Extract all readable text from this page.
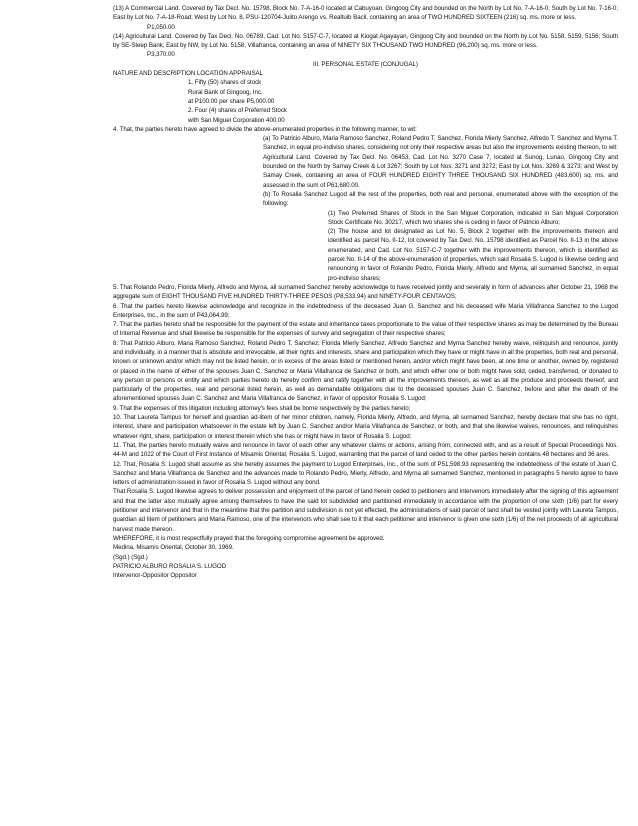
(13) A Commercial Land. Covered by Tax Decl. No. 15798, Block No. 7-A-16-0 located at Cabuyoan, Gingoog City and bounded on the North by Lot No. 7-A-16-0; South by Lot No. 7-16-0; East by Lot No. 7-A-18-Road; West by Lot No. 8, PSU-120704-Julito Arengo vs. Realtuib Bacil, containing an area of TWO HUNDRED SIXTEEN (216) sq. ms. more or less.

P1,050.00

(14) Agricultural Land. Covered by Tax Decl. No. 06789, Cad. Lot No. 5157-C-7, located at Kiogat Agayayan, Gingoog City and bounded on the North by Lot No. 5158, 5159, 5156; South by SE-Steep Bank; East by NW, by Lot No. 5158, Villafranca, containing an area of NINETY SIX THOUSAND TWO HUNDRED (96,200) sq. ms. more or less.

P3,370.00

III. PERSONAL ESTATE (CONJUGAL)

NATURE AND DESCRIPTION LOCATION APPRAISAL

1. Fifty (50) shares of stock

Rural Bank of Gingoog, Inc.

at P100.00 per share P5,000.00

2. Four (4) shares of Preferred Stock

with San Miguel Corporation 400.00

4. That, the parties hereto have agreed to divide the above-enumerated properties in the following manner, to wit:

(a) To Patricio Alburo, Maria Ramoso Sanchez, Roland Pedro T. Sanchez, Florida Mierly Sanchez, Alfredo T. Sanchez and Myrna T. Sanchez, in equal pro-indiviso shares, considering not only their respective areas but also the improvements existing thereon, to wit:

Agricultural Land. Covered by Tax Decl. No. 06453, Cad. Lot No. 3270 Case 7, located at Sunog, Lunao, Gingoog City and bounded on the North by Samay Creek & Lot 3267; South by Lot Nos. 3271 and 3272; East by Lot Nos. 3269 & 3273; and West by Samay Creek, containing an area of FOUR HUNDRED EIGHTY THREE THOUSAND SIX HUNDRED (483,600) sq. ms. and assessed in the sum of P61,680.00.

(b) To Rosalia Sanchez Lugod all the rest of the properties, both real and personal, enumerated above with the exception of the following:

(1) Two Preferred Shares of Stock in the San Miguel Corporation, indicated in San Miguel Corporation Stock Certificate No. 30217, which two shares she is ceding in favor of Patricio Alburo;

(2) The house and lot designated as Lot No. 5, Block 2 together with the improvements thereon and identified as parcel No. II-12, lot covered by Tax Decl. No. 15798 identified as Parcel No. II-13 in the above enumerated, and Cad. Lot No. 5157-C-7 together with the improvements thereon, which is identified as parcel No. II-14 of the above-enumeration of properties, which said Rosalia S. Lugod is likewise ceding and renouncing in favor of Rolando Pedro, Florida Mierly, Alfredo and Myrna, all surnamed Sanchez, in equal pro-indiviso shares;

5. That Rolando Pedro, Florida Mierly, Alfredo and Myrna, all surnamed Sanchez hereby acknowledge to have received jointly and severally in form of advances after October 21, 1968 the aggregate sum of EIGHT THOUSAND FIVE HUNDRED THIRTY-THREE PESOS (P8,533.94) and NINETY-FOUR CENTAVOS;

6. That the parties hereto likewise acknowledge and recognize in the indebtedness of the deceased Juan G. Sanchez and his deceased wife Maria Villafranca Sanchez to the Lugod Enterprises, Inc., in the sum of P43,064.99;

7. That the parties hereto shall be responsible for the payment of the estate and inheritance taxes proportionate to the value of their respective shares as may be determined by the Bureau of Internal Revenue and shall likewise be responsible for the expenses of survey and segregation of their respective shares;

8. That Patricio Alburo, Maria Ramoso Sanchez, Roland Pedro T. Sanchez, Florida Mierly Sanchez, Alfredo Sanchez and Myrna Sanchez hereby waive, relinquish and renounce, jointly and individually, in a manner that is absolute and irrevocable, all their rights and interests, share and participation which they have or might have in all the properties, both real and personal, known or unknown and/or which may not be listed herein, or in excess of the areas listed or mentioned herein, and/or which might have been, at one time or another, owned by, registered or placed in the name of either of the spouses Juan C. Sanchez or Maria Villafranca de Sanchez or both, and which either one or both might have sold, ceded, transferred, or donated to any person or persons or entity and which parties hereto do hereby confirm and ratify together with all the improvements thereon, as well as all the produce and proceeds thereof, and particularly of the properties, real and personal listed herein, as well as demandable obligations due to the deceased spouses Juan C. Sanchez, before and after the death of the aforementioned spouses Juan C. Sanchez and Maria Villafranca de Sanchez, in favor of oppositor Rosalia S. Lugod;

9. That the expenses of this litigation including attorney's fees shall be borne respectively by the parties hereto;

10. That Laureta Tampus for herself and guardian ad-litem of her minor children, namely, Florida Mierly, Alfredo, and Myrna, all surnamed Sanchez, hereby declare that she has no right, interest, share and participation whatsoever in the estate left by Juan C. Sanchez and/or Maria Villafranca de Sanchez, or both, and that she likewise waives, renounces, and relinquishes whatever right, share, participation or interest therein which she has or might have in favor of Rosalia S. Lugod;

11. That, the parties hereto mutually waive and renounce in favor of each other any whatever claims or actions, arising from, connected with, and as a result of Special Proceedings Nos. 44-M and 1022 of the Court of First Instance of Misamis Oriental, Rosalia S. Lugod, warranting that the parcel of land ceded to the other parties herein contains 48 hectares and 36 ares.

12. That, Rosalia S. Lugod shall assume as she hereby assumes the payment to Lugod Enterprises, Inc., of the sum of P51,598.93 representing the indebtedness of the estate of Juan C. Sanchez and Maria Villafranca de Sanchez and the advances made to Rolando Pedro, Mierly, Alfredo, and Myrna all surnamed Sanchez, mentioned in paragraphs 5 hereto agree to have letters of administration issued in favor of Rosalia S. Lugod without any bond.

That Rosalia S. Lugod likewise agrees to deliver possession and enjoyment of the parcel of land herein ceded to petitioners and intervenors immediately after the signing of this agreement and that the latter also mutually agree among themselves to have the said lot subdivided and partitioned immediately in accordance with the proportion of one sixth (1/6) part for every petitioner and intervenor and that in the meantime that the partition and subdivision is not yet effected, the administrations of said parcel of land shall be vested jointly with Laureta Tampos, guardian ad litem of petitioners and Maria Ramoso, one of the intervenors who shall see to it that each petitioner and intervenor is given one sixth (1/6) of the net proceeds of all agricultural harvest made thereon.

WHEREFORE, it is most respectfully prayed that the foregoing compromise agreement be approved.

Medina, Misamis Oriental, October 30, 1969.

(Sgd.) (Sgd.)

PATRICIO ALBURO ROSALIA S. LUGOD

Intervenor-Oppositor Oppositor
